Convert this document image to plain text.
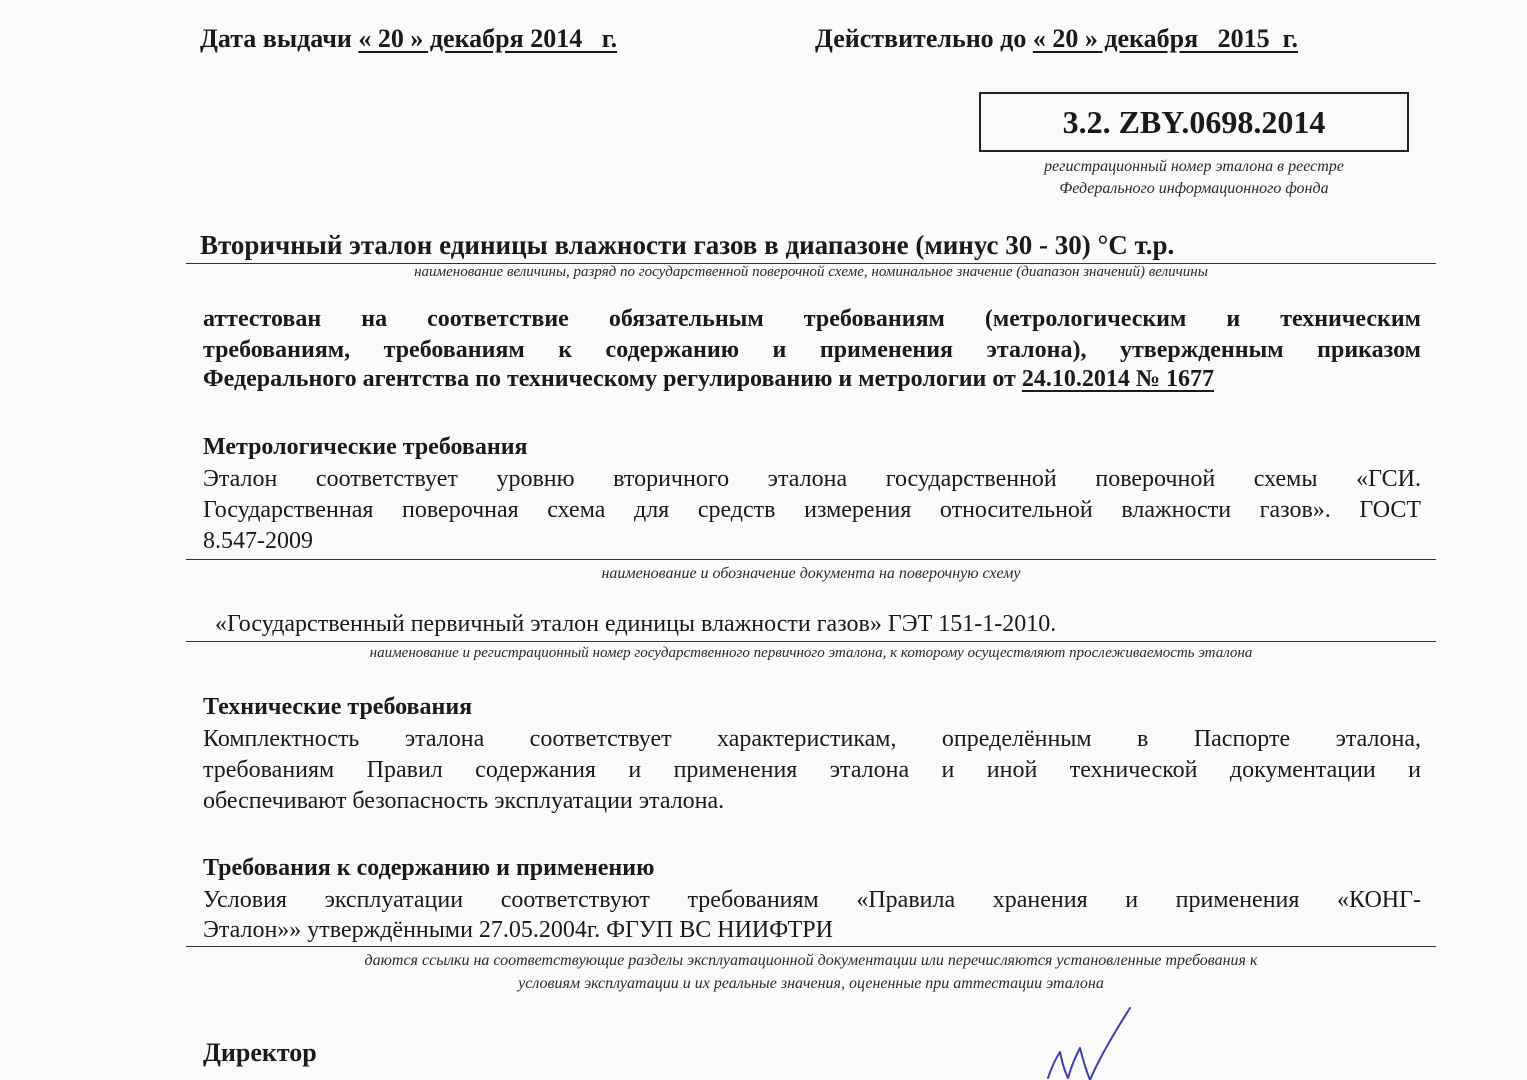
Дата выдачи « 20 » декабря 2014   г.	Действительно до « 20 » декабря   2015  г.
3.2. ZBY.0698.2014
регистрационный номер эталона в реестре
Федерального информационного фонда
Вторичный эталон единицы влажности газов в диапазоне (минус 30 - 30) °С т.р.
наименование величины, разряд по государственной поверочной схеме, номинальное значение (диапазон значений) величины
аттестован на соответствие обязательным требованиям (метрологическим и техническим
требованиям, требованиям к содержанию и применения эталона), утвержденным приказом
Федерального агентства по техническому регулированию и метрологии от 24.10.2014 № 1677
Метрологические требования
Эталон соответствует уровню вторичного эталона государственной поверочной схемы «ГСИ.
Государственная поверочная схема для средств измерения относительной влажности газов». ГОСТ
8.547-2009
наименование и обозначение документа на поверочную схему
«Государственный первичный эталон единицы влажности газов» ГЭТ 151-1-2010.
наименование и регистрационный номер государственного первичного эталона, к которому осуществляют прослеживаемость эталона
Технические требования
Комплектность эталона соответствует характеристикам, определённым в Паспорте эталона,
требованиям Правил содержания и применения эталона и иной технической документации и
обеспечивают безопасность эксплуатации эталона.
Требования к содержанию и применению
Условия эксплуатации соответствуют требованиям «Правила хранения и применения «КОНГ-
Эталон»» утверждёнными 27.05.2004г. ФГУП ВС НИИФТРИ
даются ссылки на соответствующие разделы эксплуатационной документации или перечисляются установленные требования к
условиям эксплуатации и их реальные значения, оцененные при аттестации эталона
Директор
